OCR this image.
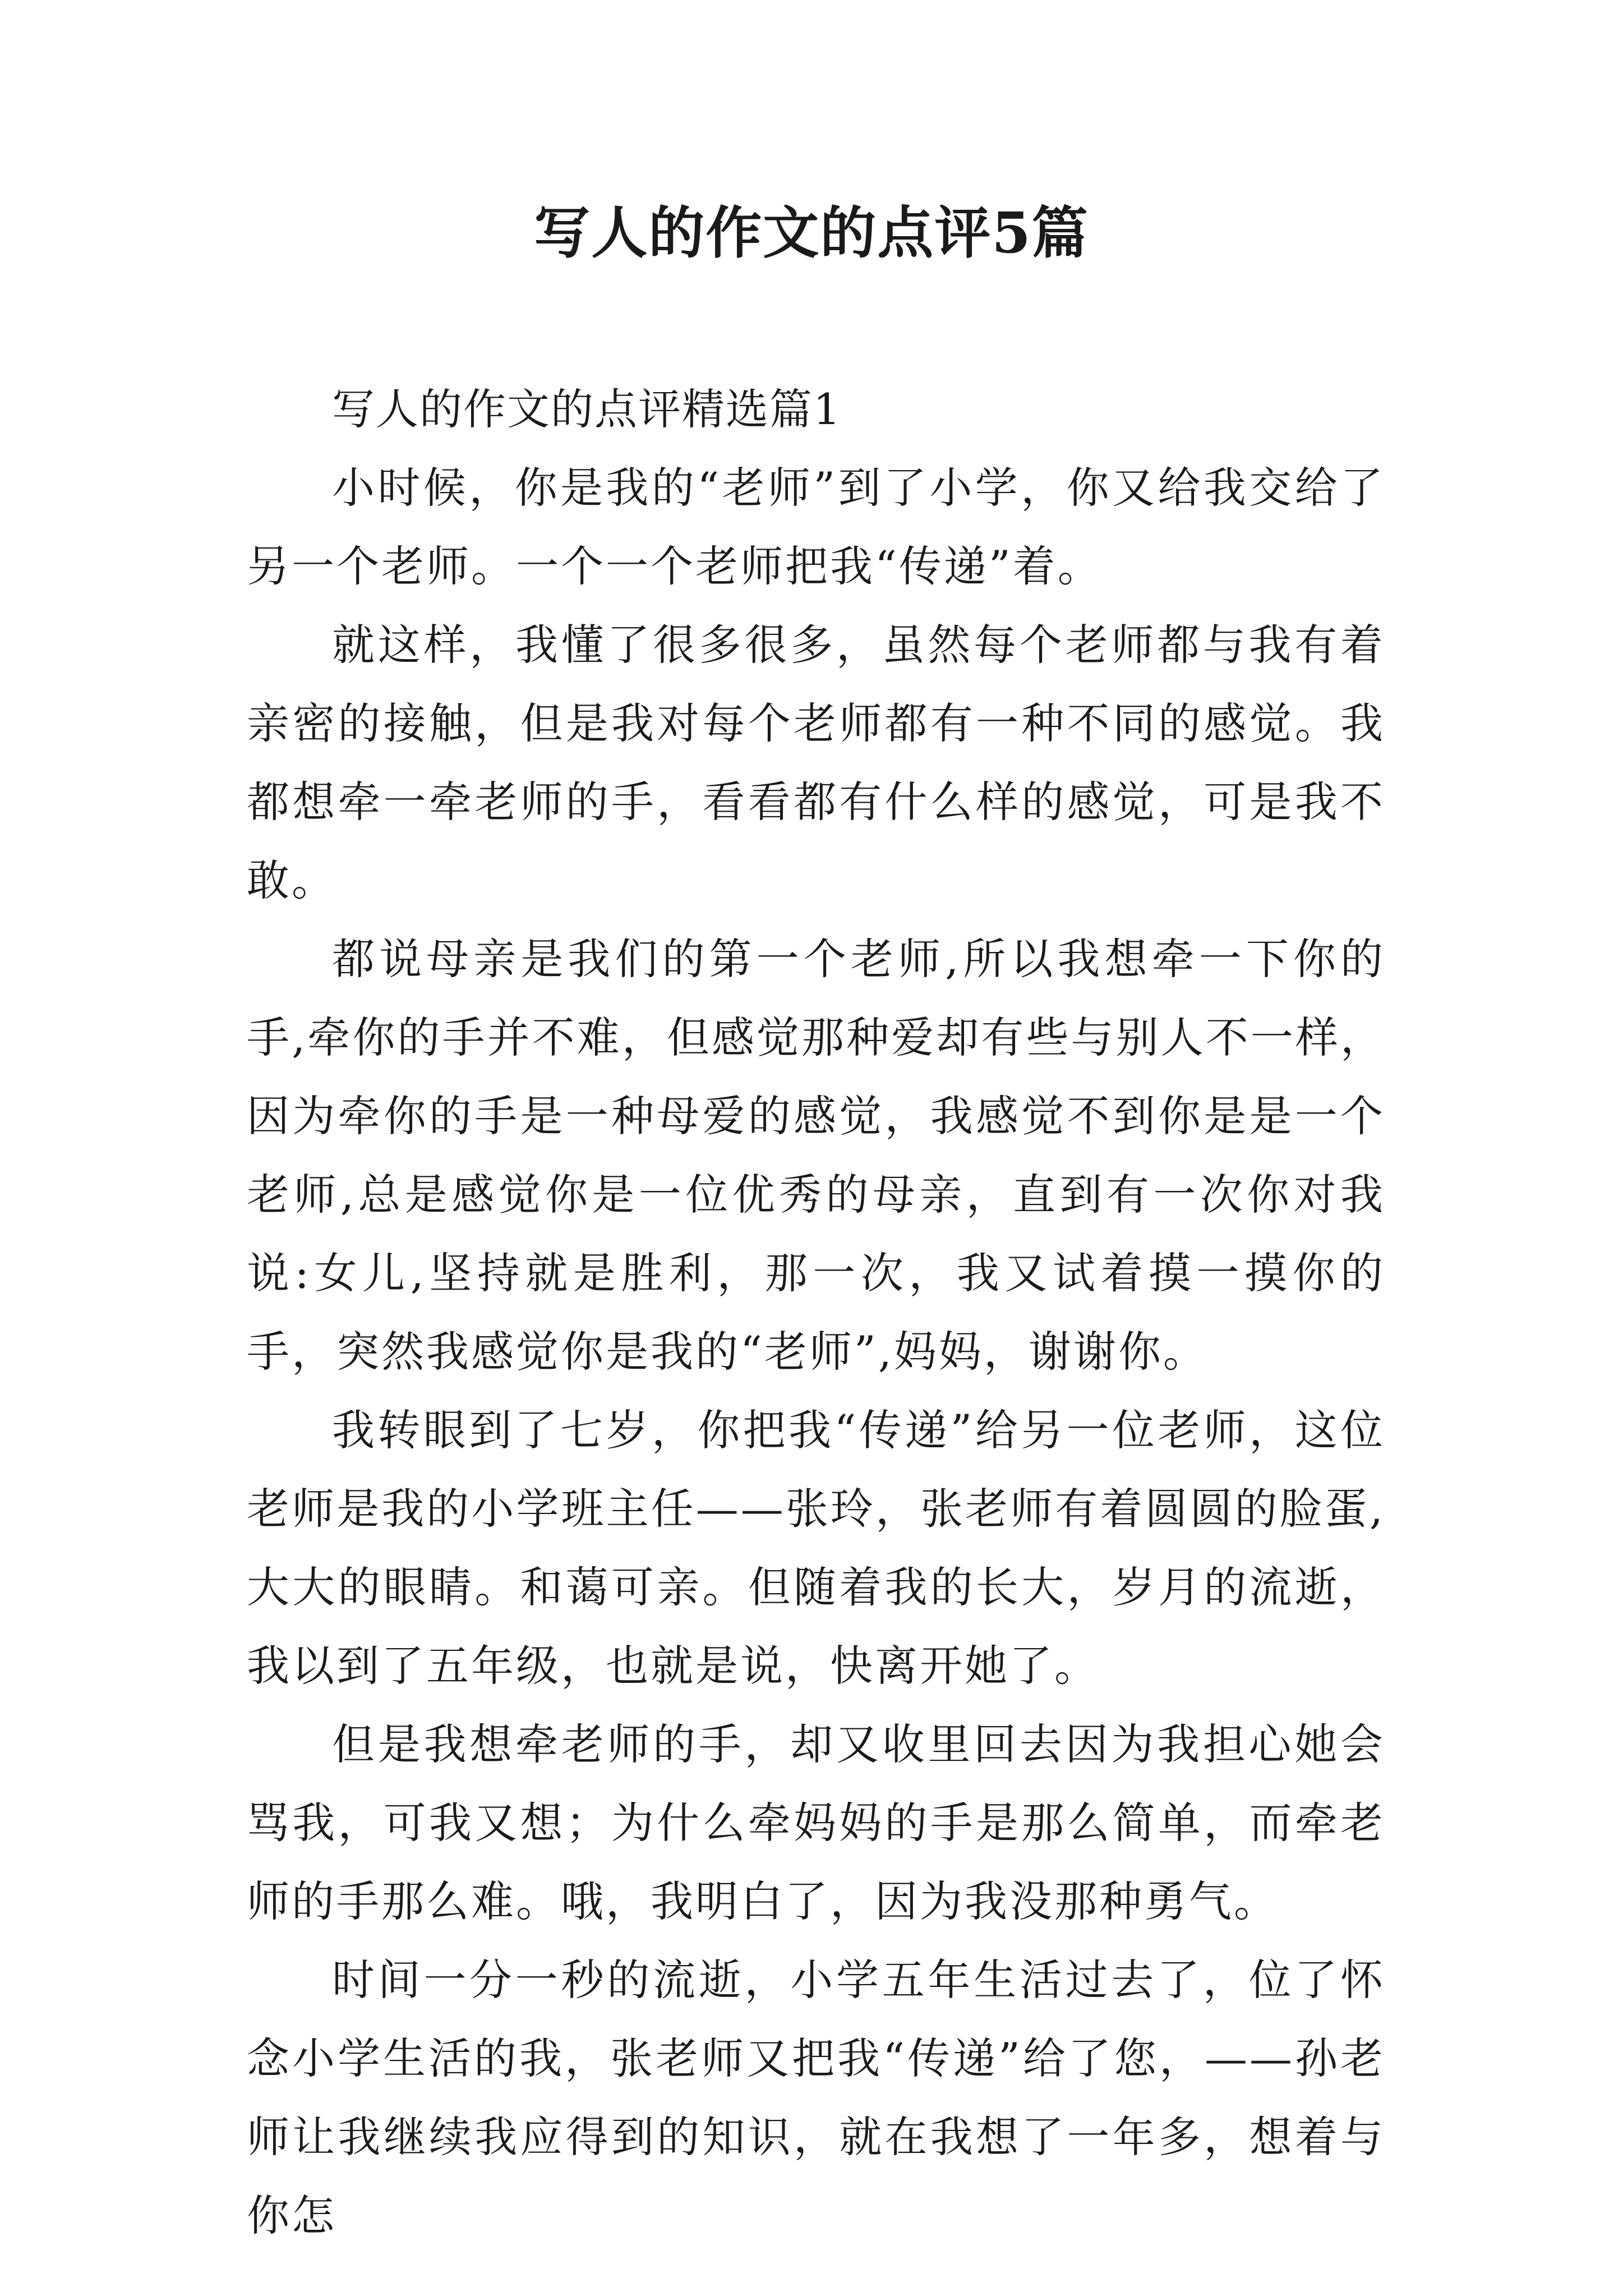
写人的作文的点评5篇

写人的作文的点评精选篇1

小时候，你是我的“老师”到了小学，你又给我交给了另一个老师。一个一个老师把我“传递”着。

就这样，我懂了很多很多，虽然每个老师都与我有着亲密的接触，但是我对每个老师都有一种不同的感觉。我都想牵一牵老师的手，看看都有什么样的感觉，可是我不敢。

都说母亲是我们的第一个老师,所以我想牵一下你的手,牵你的手并不难，但感觉那种爱却有些与别人不一样，因为牵你的手是一种母爱的感觉，我感觉不到你是是一个老师,总是感觉你是一位优秀的母亲，直到有一次你对我说:女儿,坚持就是胜利，那一次，我又试着摸一摸你的手，突然我感觉你是我的“老师”,妈妈，谢谢你。

我转眼到了七岁，你把我“传递”给另一位老师，这位老师是我的小学班主任——张玲，张老师有着圆圆的脸蛋,大大的眼睛。和蔼可亲。但随着我的长大，岁月的流逝，我以到了五年级，也就是说，快离开她了。

但是我想牵老师的手，却又收里回去因为我担心她会骂我，可我又想；为什么牵妈妈的手是那么简单，而牵老师的手那么难。哦，我明白了，因为我没那种勇气。

时间一分一秒的流逝，小学五年生活过去了，位了怀念小学生活的我，张老师又把我“传递”给了您，——孙老师让我继续我应得到的知识，就在我想了一年多，想着与你怎
